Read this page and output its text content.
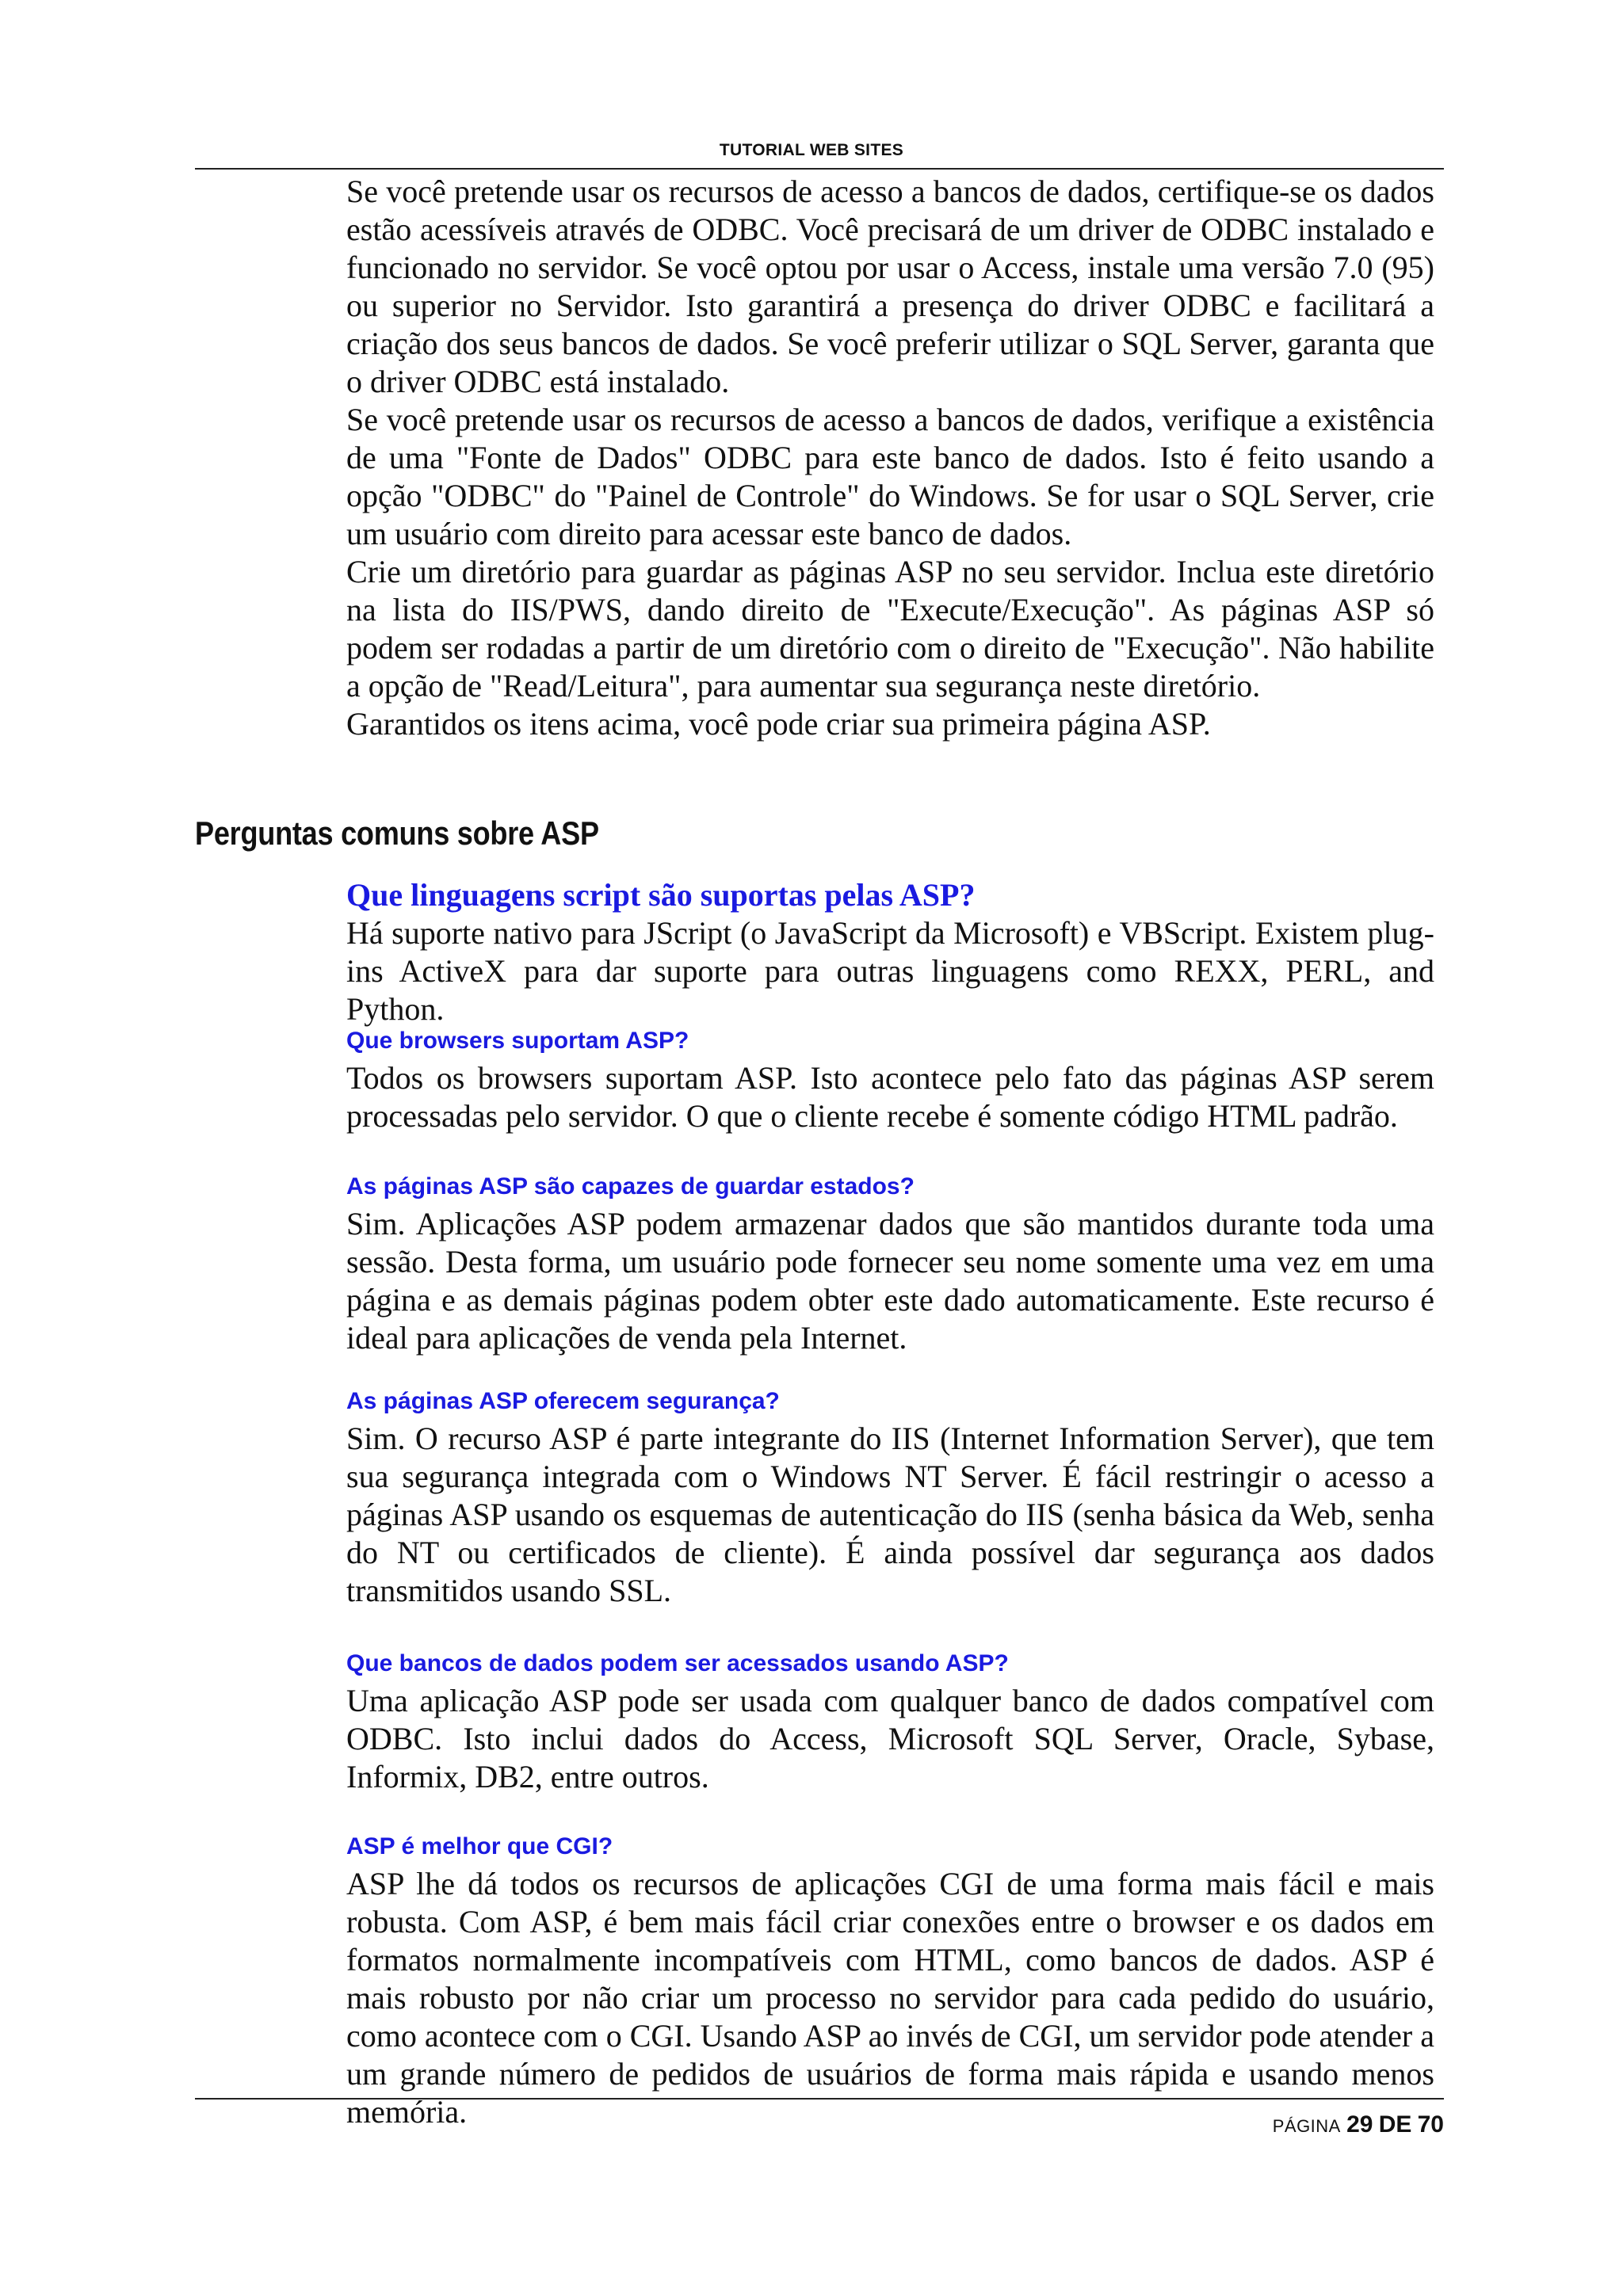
TUTORIAL WEB SITES

Se você pretende usar os recursos de acesso a bancos de dados, certifique-se os dados estão acessíveis através de ODBC. Você precisará de um driver de ODBC instalado e funcionado no servidor. Se você optou por usar o Access, instale uma versão 7.0 (95) ou superior no Servidor. Isto garantirá a presença do driver ODBC e facilitará a criação dos seus bancos de dados. Se você preferir utilizar o SQL Server, garanta que o driver ODBC está instalado.

Se você pretende usar os recursos de acesso a bancos de dados, verifique a existência de uma "Fonte de Dados" ODBC para este banco de dados. Isto é feito usando a opção "ODBC" do "Painel de Controle" do Windows. Se for usar o SQL Server, crie um usuário com direito para acessar este banco de dados.

Crie um diretório para guardar as páginas ASP no seu servidor. Inclua este diretório na lista do IIS/PWS, dando direito de "Execute/Execução". As páginas ASP só podem ser rodadas a partir de um diretório com o direito de "Execução". Não habilite a opção de "Read/Leitura", para aumentar sua segurança neste diretório.

Garantidos os itens acima, você pode criar sua primeira página ASP.

Perguntas comuns sobre ASP
Que linguagens script são suportas pelas ASP?

Há suporte nativo para JScript (o JavaScript da Microsoft) e VBScript. Existem plug-ins ActiveX para dar suporte para outras linguagens como REXX, PERL, and Python.

Que browsers suportam ASP?

Todos os browsers suportam ASP. Isto acontece pelo fato das páginas ASP serem processadas pelo servidor. O que o cliente recebe é somente código HTML padrão.

As páginas ASP são capazes de guardar estados?

Sim. Aplicações ASP podem armazenar dados que são mantidos durante toda uma sessão. Desta forma, um usuário pode fornecer seu nome somente uma vez em uma página e as demais páginas podem obter este dado automaticamente. Este recurso é ideal para aplicações de venda pela Internet.

As páginas ASP oferecem segurança?

Sim. O recurso ASP é parte integrante do IIS (Internet Information Server), que tem sua segurança integrada com o Windows NT Server. É fácil restringir o acesso a páginas ASP usando os esquemas de autenticação do IIS (senha básica da Web, senha do NT ou certificados de cliente). É ainda possível dar segurança aos dados transmitidos usando SSL.

Que bancos de dados podem ser acessados usando ASP?

Uma aplicação ASP pode ser usada com qualquer banco de dados compatível com ODBC. Isto inclui dados do Access, Microsoft SQL Server, Oracle, Sybase, Informix, DB2, entre outros.

ASP é melhor que CGI?

ASP lhe dá todos os recursos de aplicações CGI de uma forma mais fácil e mais robusta. Com ASP, é bem mais fácil criar conexões entre o browser e os dados em formatos normalmente incompatíveis com HTML, como bancos de dados. ASP é mais robusto por não criar um processo no servidor para cada pedido do usuário, como acontece com o CGI. Usando ASP ao invés de CGI, um servidor pode atender a um grande número de pedidos de usuários de forma mais rápida e usando menos memória.	PÁGINA 29 DE 70
